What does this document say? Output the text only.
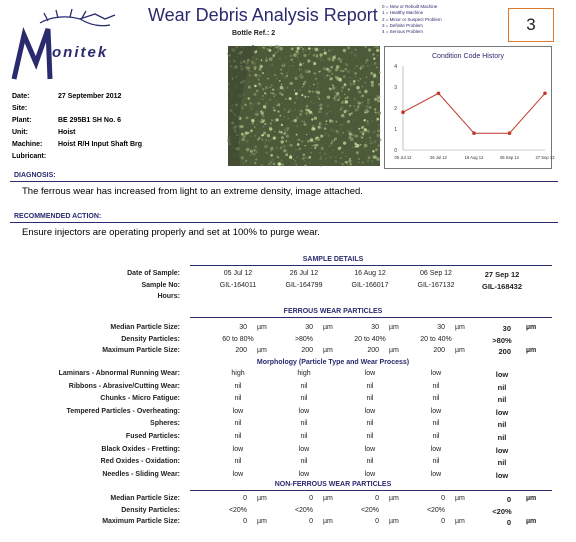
onitek
Wear Debris Analysis Report
Bottle Ref.: 2
0 = New or Rebuilt Machine
1 = Healthy Machine
2 = Minor or Suspect Problem
3 = Definite Problem
4 = Serious Problem	3
Condition Code History
0
1
2
3
4
05 Jul 12	26 Jul 12	16 Aug 12	06 Sep 12	27 Sep 12
Date:	27 September 2012
Site:
Plant:	BE 295B1 SH No. 6
Unit:	Hoist
Machine: Hoist R/H Input Shaft Brg
Lubricant:
DIAGNOSIS:
The ferrous wear has increased from light to an extreme density, image attached.
RECOMMENDED ACTION:
Ensure injectors are operating properly and set at 100% to purge wear.
SAMPLE DETAILS
Date of Sample:	05 Jul 12	26 Jul 12	16 Aug 12	06 Sep 12	27 Sep 12
Sample No:	GIL-164011	GIL-164799	GIL-166017	GIL-167132	GIL-168432
Hours:
FERROUS WEAR PARTICLES
Median Particle Size:	30 µm	30 µm	30 µm	30 µm	30 µm
Density Particles:	60 to 80%	>80%	20 to 40%	20 to 40%	>80%
Maximum Particle Size:	200 µm	200 µm	200 µm	200 µm	200 µm
Morphology (Particle Type and Wear Process)
Laminars - Abnormal Running Wear:	high	high	low	low	low
Ribbons - Abrasive/Cutting Wear:	nil	nil	nil	nil	nil
Chunks - Micro Fatigue:	nil	nil	nil	nil	nil
Tempered Particles - Overheating:	low	low	low	low	low
Spheres:	nil	nil	nil	nil	nil
Fused Particles:	nil	nil	nil	nil	nil
Black Oxides - Fretting:	low	low	low	low	low
Red Oxides - Oxidation:	nil	nil	nil	nil	nil
Needles - Sliding Wear:	low	low	low	low	low
NON-FERROUS WEAR PARTICLES
Median Particle Size:	0 µm	0 µm	0 µm	0 µm	0 µm
Density Particles:	<20%	<20%	<20%	<20%	<20%
Maximum Particle Size:	0 µm	0 µm	0 µm	0 µm	0 µm
